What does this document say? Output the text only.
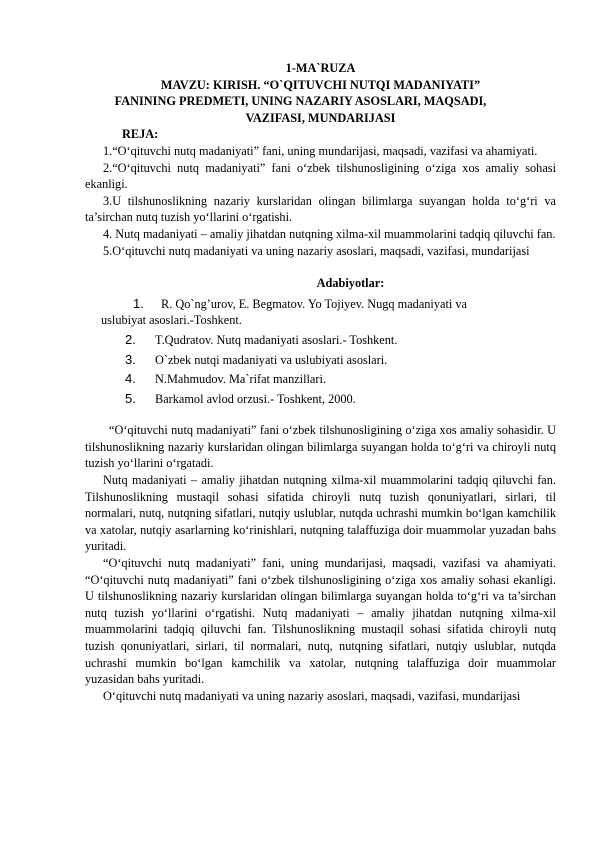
1-MA`RUZA
MAVZU: KIRISH. “O`QITUVCHI NUTQI MADANIYATI”
FANINING PREDMETI, UNING NAZARIY ASOSLARI, MAQSADI,
VAZIFASI, MUNDARIJASI
REJA:

1.“O‘qituvchi nutq madaniyati” fani, uning mundarijasi, maqsadi, vazifasi va ahamiyati.

2.“O‘qituvchi nutq madaniyati” fani o‘zbek tilshunosligining o‘ziga xos amaliy sohasi ekanligi.

3.U tilshunoslikning nazariy kurslaridan olingan bilimlarga suyangan holda to‘g‘ri va ta’sirchan nutq tuzish yo‘llarini o‘rgatishi.

4. Nutq madaniyati – amaliy jihatdan nutqning xilma-xil muammolarini tadqiq qiluvchi fan.

5.O‘qituvchi nutq madaniyati va uning nazariy asoslari, maqsadi, vazifasi, mundarijasi

Adabiyotlar:
1.	R. Qo`ng’urov, E. Begmatov. Yo Tojiyev. Nugq madaniyati va
uslubiyat asoslari.-Toshkent.
2. T.Qudratov. Nutq madaniyati asoslari.- Toshkent.
3. O`zbek nutqi madaniyati va uslubiyati asoslari.
4. N.Mahmudov. Ma`rifat manzillari.
5. Barkamol avlod orzusi.- Toshkent, 2000.

“O‘qituvchi nutq madaniyati” fani o‘zbek tilshunosligining o‘ziga xos amaliy sohasidir. U tilshunoslikning nazariy kurslaridan olingan bilimlarga suyangan holda to‘g‘ri va chiroyli nutq tuzish yo‘llarini o‘rgatadi.

Nutq madaniyati – amaliy jihatdan nutqning xilma-xil muammolarini tadqiq qiluvchi fan. Tilshunoslikning mustaqil sohasi sifatida chiroyli nutq tuzish qonuniyatlari, sirlari, til normalari, nutq, nutqning sifatlari, nutqiy uslublar, nutqda uchrashi mumkin bo‘lgan kamchilik va xatolar, nutqiy asarlarning ko‘rinishlari, nutqning talaffuziga doir muammolar yuzadan bahs yuritadi.

“O‘qituvchi nutq madaniyati” fani, uning mundarijasi, maqsadi, vazifasi va ahamiyati. “O‘qituvchi nutq madaniyati” fani o‘zbek tilshunosligining o‘ziga xos amaliy sohasi ekanligi. U tilshunoslikning nazariy kurslaridan olingan bilimlarga suyangan holda to‘g‘ri va ta’sirchan nutq tuzish yo‘llarini o‘rgatishi. Nutq madaniyati – amaliy jihatdan nutqning xilma-xil muammolarini tadqiq qiluvchi fan. Tilshunoslikning mustaqil sohasi sifatida chiroyli nutq tuzish qonuniyatlari, sirlari, til normalari, nutq, nutqning sifatlari, nutqiy uslublar, nutqda uchrashi mumkin bo‘lgan kamchilik va xatolar, nutqning talaffuziga doir muammolar yuzasidan bahs yuritadi.

O‘qituvchi nutq madaniyati va uning nazariy asoslari, maqsadi, vazifasi, mundarijasi
